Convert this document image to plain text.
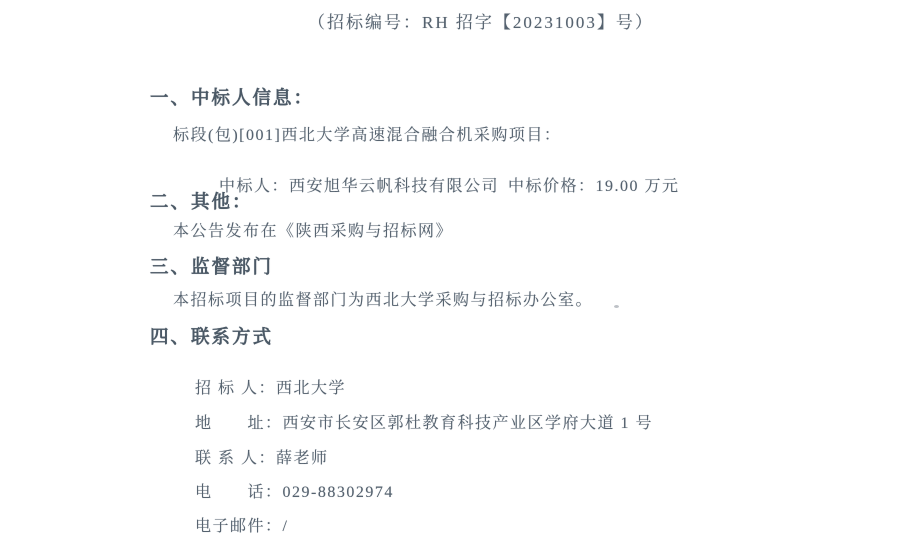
（招标编号：RH 招字【20231003】号）
一、中标人信息：
标段(包)[001]西北大学高速混合融合机采购项目：

中标人：西安旭华云帆科技有限公司
中标价格：19.00 万元

二、其他：
本公告发布在《陕西采购与招标网》
三、监督部门
本招标项目的监督部门为西北大学采购与招标办公室。
四、联系方式

招 标 人：西北大学

地　　址：西安市长安区郭杜教育科技产业区学府大道 1 号

联 系 人：薛老师

电　　话：029-88302974

电子邮件：/
